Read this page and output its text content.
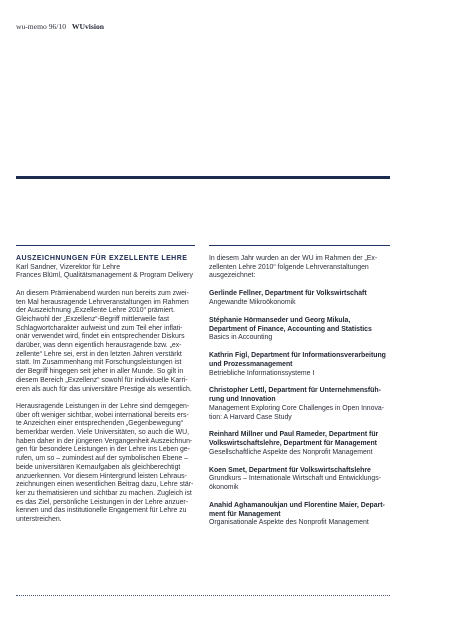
wu-memo 96/10 WUvision
AUSZEICHNUNGEN FÜR EXZELLENTE LEHRE
Karl Sandner, Vizerektor für Lehre
Frances Blüml, Qualitätsmanagement & Program Delivery
An diesem Prämienabend wurden nun bereits zum zwei-
ten Mal herausragende Lehrveranstaltungen im Rahmen
der Auszeichnung „Exzellente Lehre 2010“ prämiert.
Gleichwohl der „Exzellenz“-Begriff mittlerweile fast
Schlagwortcharakter aufweist und zum Teil eher inflati-
onär verwendet wird, findet ein entsprechender Diskurs
darüber, was denn eigentlich herausragende bzw. „ex-
zellente“ Lehre sei, erst in den letzten Jahren verstärkt
statt. Im Zusammenhang mit Forschungsleistungen ist
der Begriff hingegen seit jeher in aller Munde. So gilt in
diesem Bereich „Exzellenz“ sowohl für individuelle Karri-
eren als auch für das universitäre Prestige als wesentlich.
Herausragende Leistungen in der Lehre sind demgegen-
über oft weniger sichtbar, wobei international bereits ers-
te Anzeichen einer entsprechenden „Gegenbewegung“
bemerkbar werden. Viele Universitäten, so auch die WU,
haben daher in der jüngeren Vergangenheit Auszeichnun-
gen für besondere Leistungen in der Lehre ins Leben ge-
rufen, um so – zumindest auf der symbolischen Ebene –
beide universitären Kernaufgaben als gleichberechtigt
anzuerkennen. Vor diesem Hintergrund leisten Lehraus-
zeichnungen einen wesentlichen Beitrag dazu, Lehre stär-
ker zu thematisieren und sichtbar zu machen. Zugleich ist
es das Ziel, persönliche Leistungen in der Lehre anzuer-
kennen und das institutionelle Engagement für Lehre zu
unterstreichen.
In diesem Jahr wurden an der WU im Rahmen der „Ex-
zellenten Lehre 2010“ folgende Lehrveranstaltungen
ausgezeichnet:
Gerlinde Fellner, Department für Volkswirtschaft
Angewandte Mikroökonomik
Stéphanie Hörmanseder und Georg Mikula,
Department of Finance, Accounting and Statistics
Basics in Accounting
Kathrin Figl, Department für Informationsverarbeitung
und Prozessmanagement
Betriebliche Informationssysteme I
Christopher Lettl, Department für Unternehmensfüh-
rung und Innovation
Management Exploring Core Challenges in Open Innova-
tion: A Harvard Case Study
Reinhard Millner und Paul Rameder, Department für
Volkswirtschaftslehre, Department für Management
Gesellschaftliche Aspekte des Nonprofit Management
Koen Smet, Department für Volkswirtschaftslehre
Grundkurs – Internationale Wirtschaft und Entwicklungs-
ökonomik
Anahid Aghamanoukjan und Florentine Maier, Depart-
ment für Management
Organisationale Aspekte des Nonprofit Management
